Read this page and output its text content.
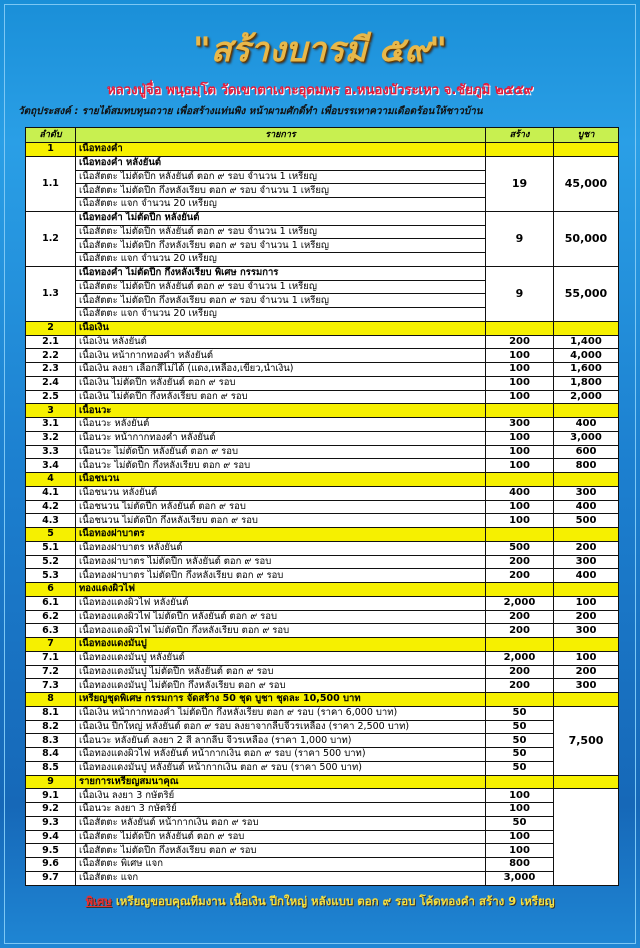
"สร้างบารมี ๕๙"
หลวงปู่จื่อ พนฺธมฺโต วัดเขาตาเงาะอุดมพร อ.หนองบัวระเหว จ.ชัยภูมิ ๒๕๕๙
วัตถุประสงค์ : รายได้สมทบทุนถวาย เพื่อสร้างแท่นพิง หน้าผามศักดิ์ทำ เพื่อบรรเทาความเดือดร้อนให้ชาวบ้าน
ลำดับ	รายการ	สร้าง	บูชา
1	เนื้อทองคำ		
1.1	เนื้อทองคำ หลังยันต์	19	45,000
	เนื้อสัตตะ ไม่ตัดปีก หลังยันต์ ตอก ๙ รอบ จำนวน 1 เหรียญ		
	เนื้อสัตตะ ไม่ตัดปีก กึ่งหลังเรียบ ตอก ๙ รอบ จำนวน 1 เหรียญ		
	เนื้อสัตตะ แจก จำนวน 20 เหรียญ		
1.2	เนื้อทองคำ ไม่ตัดปีก หลังยันต์	9	50,000
	เนื้อสัตตะ ไม่ตัดปีก หลังยันต์ ตอก ๙ รอบ จำนวน 1 เหรียญ		
	เนื้อสัตตะ ไม่ตัดปีก กึ่งหลังเรียบ ตอก ๙ รอบ จำนวน 1 เหรียญ		
	เนื้อสัตตะ แจก จำนวน 20 เหรียญ		
1.3	เนื้อทองคำ ไม่ตัดปีก กึ่งหลังเรียบ พิเศษ กรรมการ	9	55,000
	เนื้อสัตตะ ไม่ตัดปีก หลังยันต์ ตอก ๙ รอบ จำนวน 1 เหรียญ		
	เนื้อสัตตะ ไม่ตัดปีก กึ่งหลังเรียบ ตอก ๙ รอบ จำนวน 1 เหรียญ		
	เนื้อสัตตะ แจก จำนวน 20 เหรียญ		
2	เนื้อเงิน		
2.1	เนื้อเงิน หลังยันต์	200	1,400
2.2	เนื้อเงิน หน้ากากทองคำ หลังยันต์	100	4,000
2.3	เนื้อเงิน ลงยา เลือกสีไม่ได้ (แดง,เหลือง,เขียว,น้ำเงิน)	100	1,600
2.4	เนื้อเงิน ไม่ตัดปีก หลังยันต์ ตอก ๙ รอบ	100	1,800
2.5	เนื้อเงิน ไม่ตัดปีก กึ่งหลังเรียบ ตอก ๙ รอบ	100	2,000
3	เนื้อนวะ		
3.1	เนื้อนวะ หลังยันต์	300	400
3.2	เนื้อนวะ หน้ากากทองคำ หลังยันต์	100	3,000
3.3	เนื้อนวะ ไม่ตัดปีก หลังยันต์ ตอก ๙ รอบ	100	600
3.4	เนื้อนวะ ไม่ตัดปีก กึ่งหลังเรียบ ตอก ๙ รอบ	100	800
4	เนื้อชนวน		
4.1	เนื้อชนวน หลังยันต์	400	300
4.2	เนื้อชนวน ไม่ตัดปีก หลังยันต์ ตอก ๙ รอบ	100	400
4.3	เนื้อชนวน ไม่ตัดปีก กึ่งหลังเรียบ ตอก ๙ รอบ	100	500
5	เนื้อทองฝาบาตร		
5.1	เนื้อทองฝาบาตร หลังยันต์	500	200
5.2	เนื้อทองฝาบาตร ไม่ตัดปีก หลังยันต์ ตอก ๙ รอบ	200	300
5.3	เนื้อทองฝาบาตร ไม่ตัดปีก กึ่งหลังเรียบ ตอก ๙ รอบ	200	400
6	ทองแดงผิวไฟ		
6.1	เนื้อทองแดงผิวไฟ หลังยันต์	2,000	100
6.2	เนื้อทองแดงผิวไฟ ไม่ตัดปีก หลังยันต์ ตอก ๙ รอบ	200	200
6.3	เนื้อทองแดงผิวไฟ ไม่ตัดปีก กึ่งหลังเรียบ ตอก ๙ รอบ	200	300
7	เนื้อทองแดงมันปู		
7.1	เนื้อทองแดงมันปู หลังยันต์	2,000	100
7.2	เนื้อทองแดงมันปู ไม่ตัดปีก หลังยันต์ ตอก ๙ รอบ	200	200
7.3	เนื้อทองแดงมันปู ไม่ตัดปีก กึ่งหลังเรียบ ตอก ๙ รอบ	200	300
8	เหรียญชุดพิเศษ กรรมการ จัดสร้าง 50 ชุด บูชา ชุดละ 10,500 บาท		
8.1	เนื้อเงิน หน้ากากทองคำ ไม่ตัดปีก กึ่งหลังเรียบ ตอก ๙ รอบ (ราคา 6,000 บาท)	50	7,500
8.2	เนื้อเงิน ปีกใหญ่ หลังยันต์ ตอก ๙ รอบ ลงยาจากลีบจีวรเหลือง (ราคา 2,500 บาท)	50	
8.3	เนื้อนวะ หลังยันต์ ลงยา 2 สี ลากลีบ จีวรเหลือง (ราคา 1,000 บาท)	50	
8.4	เนื้อทองแดงผิวไฟ หลังยันต์ หน้ากากเงิน ตอก ๙ รอบ (ราคา 500 บาท)	50	
8.5	เนื้อทองแดงมันปู หลังยันต์ หน้ากากเงิน ตอก ๙ รอบ (ราคา 500 บาท)	50	
9	รายการเหรียญสมนาคุณ		
9.1	เนื้อเงิน ลงยา 3 กษัตริย์	100	
9.2	เนื้อนวะ ลงยา 3 กษัตริย์	100	
9.3	เนื้อสัตตะ หลังยันต์ หน้ากากเงิน ตอก ๙ รอบ	50	
9.4	เนื้อสัตตะ ไม่ตัดปีก หลังยันต์ ตอก ๙ รอบ	100	
9.5	เนื้อสัตตะ ไม่ตัดปีก กึ่งหลังเรียบ ตอก ๙ รอบ	100	
9.6	เนื้อสัตตะ พิเศษ แจก	800	
9.7	เนื้อสัตตะ แจก	3,000	
พิเศษ เหรียญขอบคุณทีมงาน เนื้อเงิน ปีกใหญ่ หลังแบบ ตอก ๙ รอบ โค้ดทองคำ สร้าง 9 เหรียญ
